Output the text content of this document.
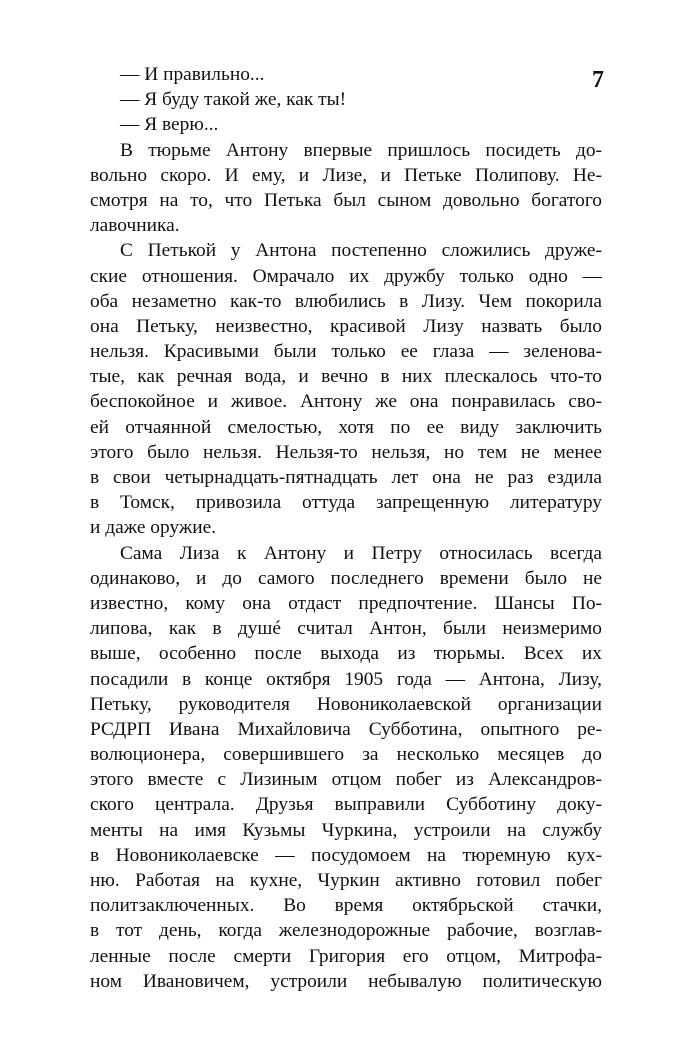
7
— И правильно...
— Я буду такой же, как ты!
— Я верю...
В тюрьме Антону впервые пришлось посидеть до-
вольно скоро. И ему, и Лизе, и Петьке Полипову. Не-
смотря на то, что Петька был сыном довольно богатого
лавочника.
С Петькой у Антона постепенно сложились друже-
ские отношения. Омрачало их дружбу только одно —
оба незаметно как-то влюбились в Лизу. Чем покорила
она Петьку, неизвестно, красивой Лизу назвать было
нельзя. Красивыми были только ее глаза — зеленова-
тые, как речная вода, и вечно в них плескалось что-то
беспокойное и живое. Антону же она понравилась сво-
ей отчаянной смелостью, хотя по ее виду заключить
этого было нельзя. Нельзя-то нельзя, но тем не менее
в свои четырнадцать-пятнадцать лет она не раз ездила
в Томск, привозила оттуда запрещенную литературу
и даже оружие.
Сама Лиза к Антону и Петру относилась всегда
одинаково, и до самого последнего времени было не
известно, кому она отдаст предпочтение. Шансы По-
липова, как в душé считал Антон, были неизмеримо
выше, особенно после выхода из тюрьмы. Всех их
посадили в конце октября 1905 года — Антона, Лизу,
Петьку, руководителя Новониколаевской организации
РСДРП Ивана Михайловича Субботина, опытного ре-
волюционера, совершившего за несколько месяцев до
этого вместе с Лизиным отцом побег из Александров-
ского централа. Друзья выправили Субботину доку-
менты на имя Кузьмы Чуркина, устроили на службу
в Новониколаевске — посудомоем на тюремную кух-
ню. Работая на кухне, Чуркин активно готовил побег
политзаключенных. Во время октябрьской стачки,
в тот день, когда железнодорожные рабочие, возглав-
ленные после смерти Григория его отцом, Митрофа-
ном Ивановичем, устроили небывалую политическую
